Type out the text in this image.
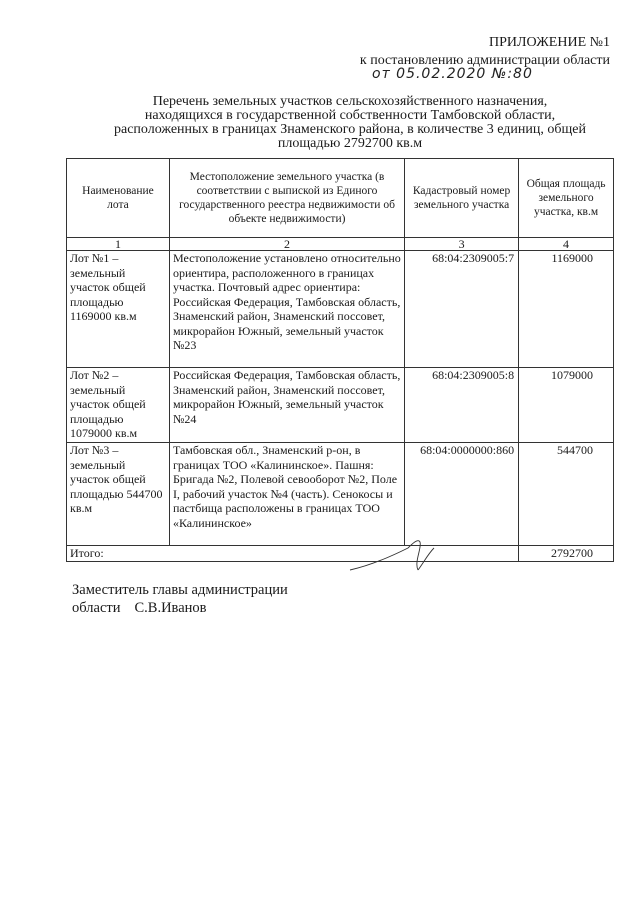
ПРИЛОЖЕНИЕ №1
к постановлению администрации области
от 05.02.2020 №:80
Перечень земельных участков сельскохозяйственного назначения,
находящихся в государственной собственности Тамбовской области,
расположенных в границах Знаменского района, в количестве 3 единиц, общей
площадью 2792700 кв.м
Наименование лота	Местоположение земельного участка (в соответствии с выпиской из Единого государственного реестра недвижимости об объекте недвижимости)	Кадастровый номер земельного участка	Общая площадь земельного участка, кв.м
1	2	3	4
Лот №1 – земельный участок общей площадью 1169000 кв.м	Местоположение установлено относительно ориентира, расположенного в границах участка. Почтовый адрес ориентира: Российская Федерация, Тамбовская область, Знаменский район, Знаменский поссовет, микрорайон Южный, земельный участок №23	68:04:2309005:7	1169000
Лот №2 – земельный участок общей площадью 1079000 кв.м	Российская Федерация, Тамбовская область, Знаменский район, Знаменский поссовет, микрорайон Южный, земельный участок №24	68:04:2309005:8	1079000
Лот №3 – земельный участок общей площадью 544700 кв.м	Тамбовская обл., Знаменский р-он, в границах ТОО «Калининское». Пашня: Бригада №2, Полевой севооборот №2, Поле I, рабочий участок №4 (часть). Сенокосы и пастбища расположены в границах ТОО «Калининское»	68:04:0000000:860	544700
Итого:			2792700
Заместитель главы администрации
области С.В.Иванов
